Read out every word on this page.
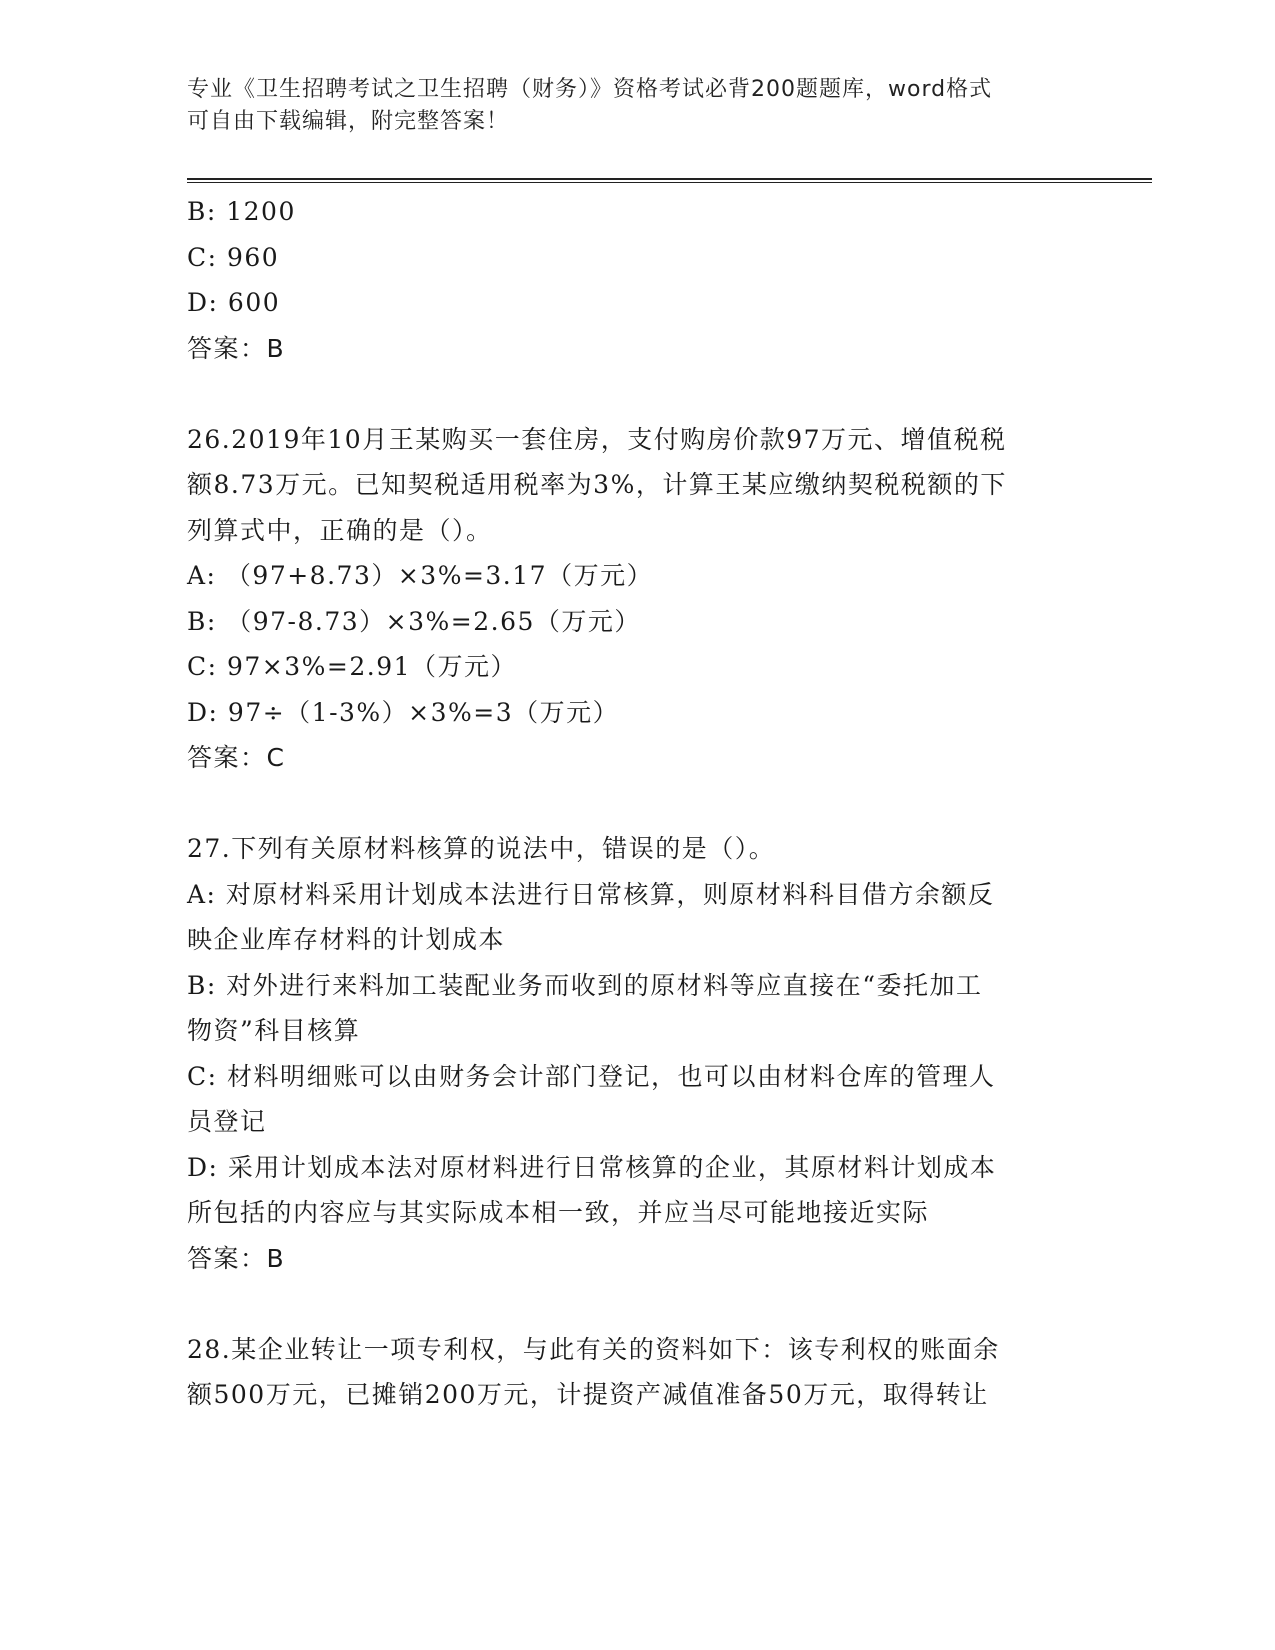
专业《卫生招聘考试之卫生招聘（财务）》资格考试必背200题题库，word格式
可自由下载编辑，附完整答案！
B: 1200
C: 960
D: 600
答案：B
26.2019年10月王某购买一套住房，支付购房价款97万元、增值税税
额8.73万元。已知契税适用税率为3%，计算王某应缴纳契税税额的下
列算式中，正确的是（）。
A: （97+8.73）×3%=3.17（万元）
B: （97-8.73）×3%=2.65（万元）
C: 97×3%=2.91（万元）
D: 97÷（1-3%）×3%=3（万元）
答案：C
27.下列有关原材料核算的说法中，错误的是（）。
A: 对原材料采用计划成本法进行日常核算，则原材料科目借方余额反
映企业库存材料的计划成本
B: 对外进行来料加工装配业务而收到的原材料等应直接在“委托加工
物资”科目核算
C: 材料明细账可以由财务会计部门登记，也可以由材料仓库的管理人
员登记
D: 采用计划成本法对原材料进行日常核算的企业，其原材料计划成本
所包括的内容应与其实际成本相一致，并应当尽可能地接近实际
答案：B
28.某企业转让一项专利权，与此有关的资料如下：该专利权的账面余
额500万元，已摊销200万元，计提资产减值准备50万元，取得转让
